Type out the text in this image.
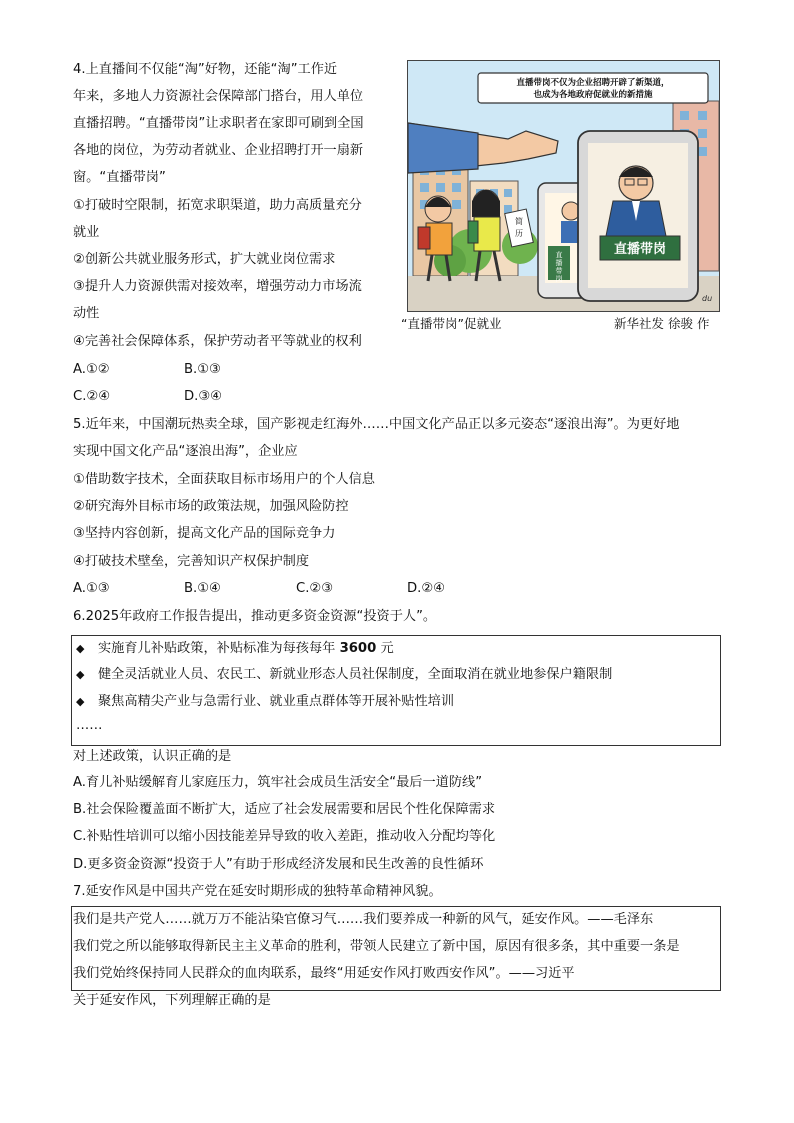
4.上直播间不仅能“淘”好物，还能“淘”工作近
年来，多地人力资源社会保障部门搭台，用人单位
直播招聘。“直播带岗”让求职者在家即可刷到全国
各地的岗位，为劳动者就业、企业招聘打开一扇新
窗。“直播带岗”
①打破时空限制，拓宽求职渠道，助力高质量充分
就业
②创新公共就业服务形式，扩大就业岗位需求
③提升人力资源供需对接效率，增强劳动力市场流
动性
④完善社会保障体系，保护劳动者平等就业的权利
A.①②	B.①③
C.②④	D.③④
直播带岗不仅为企业招聘开辟了新渠道，
也成为各地政府促就业的新措施
直
播
带
岗
直播带岗
简
历
du
“直播带岗”促就业	新华社发 徐骏 作
5.近年来，中国潮玩热卖全球，国产影视走红海外……中国文化产品正以多元姿态“逐浪出海”。为更好地
实现中国文化产品“逐浪出海”，企业应
①借助数字技术，全面获取目标市场用户的个人信息
②研究海外目标市场的政策法规，加强风险防控
③坚持内容创新，提高文化产品的国际竞争力
④打破技术壁垒，完善知识产权保护制度
A.①③	B.①④	C.②③	D.②④
6.2025年政府工作报告提出，推动更多资金资源“投资于人”。
◆ 实施育儿补贴政策，补贴标准为每孩每年 3600 元
◆ 健全灵活就业人员、农民工、新就业形态人员社保制度，全面取消在就业地参保户籍限制
◆ 聚焦高精尖产业与急需行业、就业重点群体等开展补贴性培训
……
对上述政策，认识正确的是
A.育儿补贴缓解育儿家庭压力，筑牢社会成员生活安全“最后一道防线”
B.社会保险覆盖面不断扩大，适应了社会发展需要和居民个性化保障需求
C.补贴性培训可以缩小因技能差异导致的收入差距，推动收入分配均等化
D.更多资金资源“投资于人”有助于形成经济发展和民生改善的良性循环
7.延安作风是中国共产党在延安时期形成的独特革命精神风貌。
我们是共产党人……就万万不能沾染官僚习气……我们要养成一种新的风气，延安作风。——毛泽东
我们党之所以能够取得新民主主义革命的胜利，带领人民建立了新中国，原因有很多条，其中重要一条是
我们党始终保持同人民群众的血肉联系，最终“用延安作风打败西安作风”。——习近平
关于延安作风，下列理解正确的是
